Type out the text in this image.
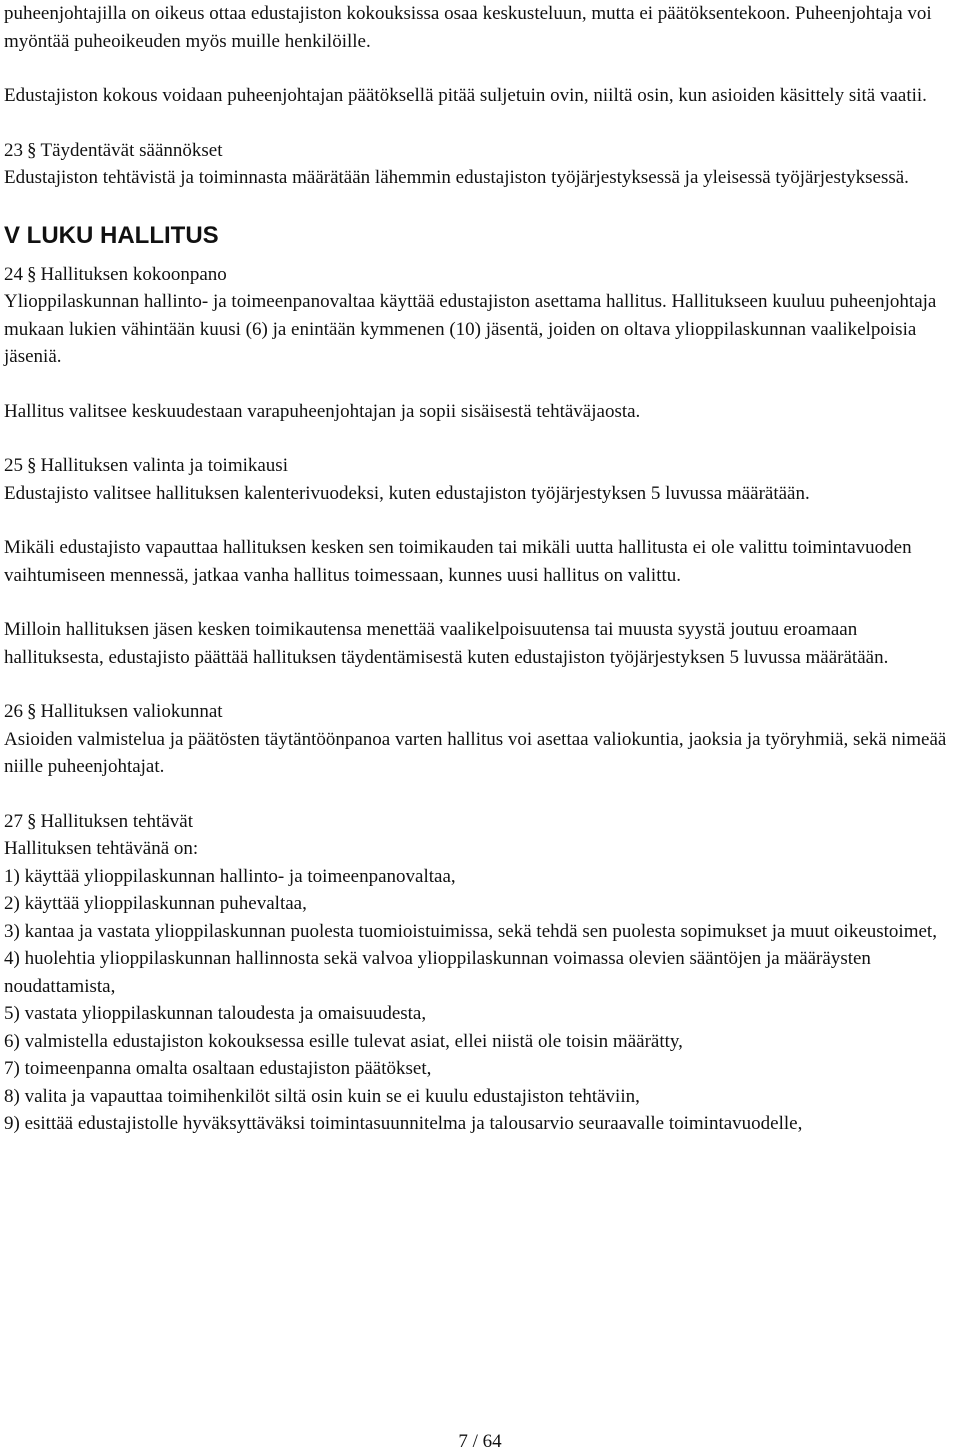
puheenjohtajilla on oikeus ottaa edustajiston kokouksissa osaa keskusteluun, mutta ei päätöksentekoon. Puheenjohtaja voi myöntää puheoikeuden myös muille henkilöille.

Edustajiston kokous voidaan puheenjohtajan päätöksellä pitää suljetuin ovin, niiltä osin, kun asioiden käsittely sitä vaatii.

23 § Täydentävät säännökset

Edustajiston tehtävistä ja toiminnasta määrätään lähemmin edustajiston työjärjestyksessä ja yleisessä työjärjestyksessä.

V LUKU HALLITUS
24 § Hallituksen kokoonpano

Ylioppilaskunnan hallinto- ja toimeenpanovaltaa käyttää edustajiston asettama hallitus. Hallitukseen kuuluu puheenjohtaja mukaan lukien vähintään kuusi (6) ja enintään kymmenen (10) jäsentä, joiden on oltava ylioppilaskunnan vaalikelpoisia jäseniä.

Hallitus valitsee keskuudestaan varapuheenjohtajan ja sopii sisäisestä tehtäväjaosta.

25 § Hallituksen valinta ja toimikausi

Edustajisto valitsee hallituksen kalenterivuodeksi, kuten edustajiston työjärjestyksen 5 luvussa määrätään.

Mikäli edustajisto vapauttaa hallituksen kesken sen toimikauden tai mikäli uutta hallitusta ei ole valittu toimintavuoden vaihtumiseen mennessä, jatkaa vanha hallitus toimessaan, kunnes uusi hallitus on valittu.

Milloin hallituksen jäsen kesken toimikautensa menettää vaalikelpoisuutensa tai muusta syystä joutuu eroamaan hallituksesta, edustajisto päättää hallituksen täydentämisestä kuten edustajiston työjärjestyksen 5 luvussa määrätään.

26 § Hallituksen valiokunnat

Asioiden valmistelua ja päätösten täytäntöönpanoa varten hallitus voi asettaa valiokuntia, jaoksia ja työryhmiä, sekä nimeää niille puheenjohtajat.

27 § Hallituksen tehtävät

Hallituksen tehtävänä on:

1) käyttää ylioppilaskunnan hallinto- ja toimeenpanovaltaa,
2) käyttää ylioppilaskunnan puhevaltaa,
3) kantaa ja vastata ylioppilaskunnan puolesta tuomioistuimissa, sekä tehdä sen puolesta sopimukset ja muut oikeustoimet,
4) huolehtia ylioppilaskunnan hallinnosta sekä valvoa ylioppilaskunnan voimassa olevien sääntöjen ja määräysten noudattamista,
5) vastata ylioppilaskunnan taloudesta ja omaisuudesta,
6) valmistella edustajiston kokouksessa esille tulevat asiat, ellei niistä ole toisin määrätty,
7) toimeenpanna omalta osaltaan edustajiston päätökset,
8) valita ja vapauttaa toimihenkilöt siltä osin kuin se ei kuulu edustajiston tehtäviin,
9) esittää edustajistolle hyväksyttäväksi toimintasuunnitelma ja talousarvio seuraavalle toimintavuodelle,
7 / 64
